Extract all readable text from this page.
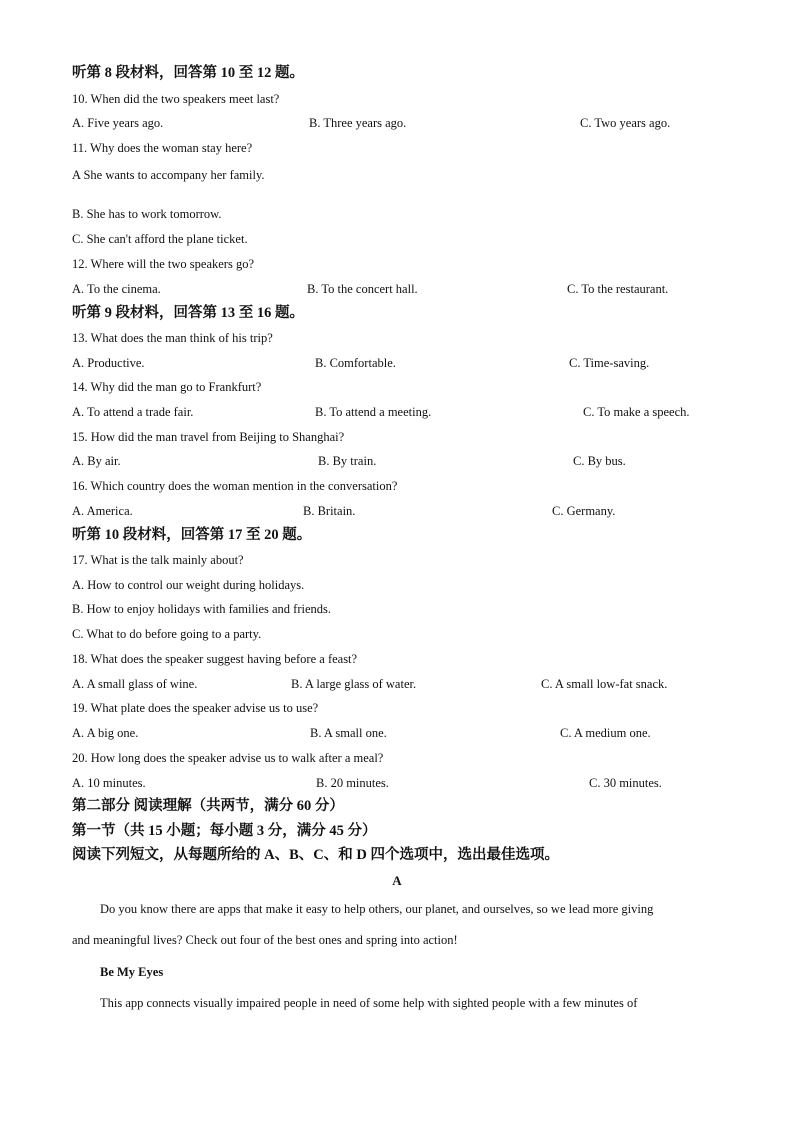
听第 8 段材料，回答第 10 至 12 题。
10. When did the two speakers meet last?
A. Five years ago.	B. Three years ago.	C. Two years ago.
11. Why does the woman stay here?
A She wants to accompany her family.
B. She has to work tomorrow.
C. She can't afford the plane ticket.
12. Where will the two speakers go?
A. To the cinema.	B. To the concert hall.	C. To the restaurant.
听第 9 段材料，回答第 13 至 16 题。
13. What does the man think of his trip?
A. Productive.	B. Comfortable.	C. Time-saving.
14. Why did the man go to Frankfurt?
A. To attend a trade fair.	B. To attend a meeting.	C. To make a speech.
15. How did the man travel from Beijing to Shanghai?
A. By air.	B. By train.	C. By bus.
16. Which country does the woman mention in the conversation?
A. America.	B. Britain.	C. Germany.
听第 10 段材料，回答第 17 至 20 题。
17. What is the talk mainly about?
A. How to control our weight during holidays.
B. How to enjoy holidays with families and friends.
C. What to do before going to a party.
18. What does the speaker suggest having before a feast?
A. A small glass of wine.	B. A large glass of water.	C. A small low-fat snack.
19. What plate does the speaker advise us to use?
A. A big one.	B. A small one.	C. A medium one.
20. How long does the speaker advise us to walk after a meal?
A. 10 minutes.	B. 20 minutes.	C. 30 minutes.
第二部分 阅读理解（共两节，满分 60 分）
第一节（共 15 小题；每小题 3 分，满分 45 分）
阅读下列短文，从每题所给的 A、B、C、和 D 四个选项中，选出最佳选项。
A
Do you know there are apps that make it easy to help others, our planet, and ourselves, so we lead more giving
and meaningful lives? Check out four of the best ones and spring into action!
Be My Eyes
This app connects visually impaired people in need of some help with sighted people with a few minutes of
